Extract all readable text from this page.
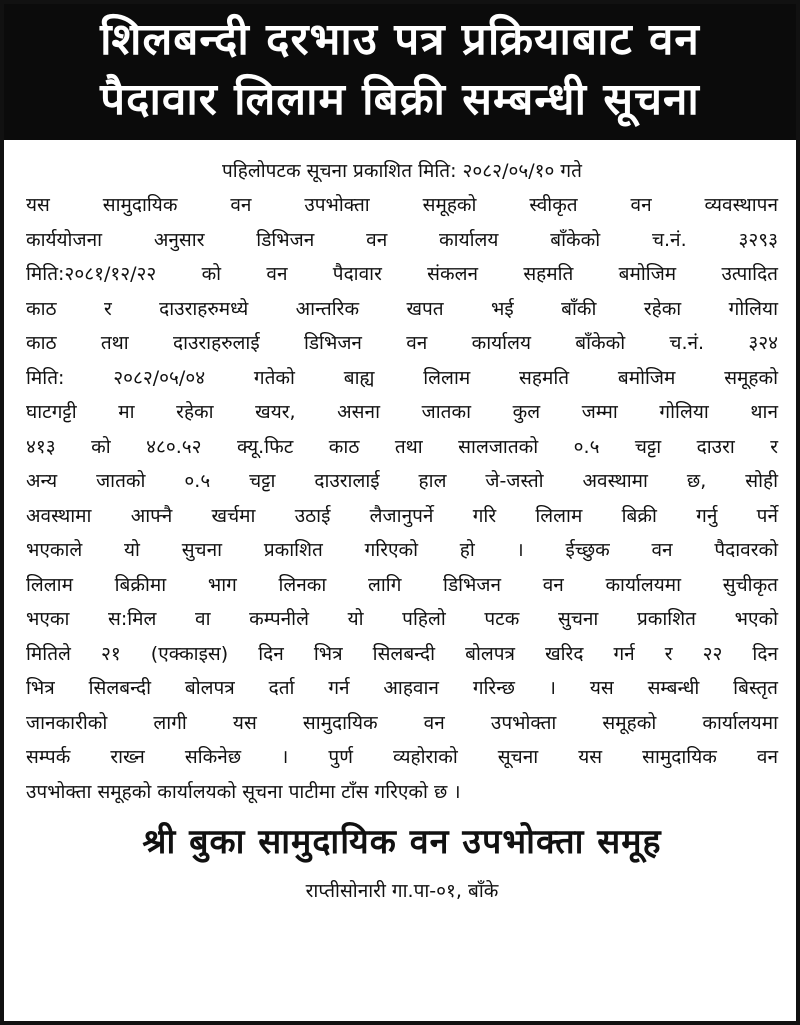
शिलबन्दी दरभाउ पत्र प्रक्रियाबाट वन
पैदावार लिलाम बिक्री सम्बन्धी सूचना
पहिलोपटक सूचना प्रकाशित मिति: २०८२/०५/१० गते
यस सामुदायिक वन उपभोक्ता समूहको स्वीकृत वन व्यवस्थापन
कार्ययोजना अनुसार डिभिजन वन कार्यालय बाँकेको च.नं. ३२९३
मिति:२०८१/१२/२२ को वन पैदावार संकलन सहमति बमोजिम उत्पादित
काठ र दाउराहरुमध्ये आन्तरिक खपत भई बाँकी रहेका गोलिया
काठ तथा दाउराहरुलाई डिभिजन वन कार्यालय बाँकेको च.नं. ३२४
मिति: २०८२/०५/०४ गतेको बाह्य लिलाम सहमति बमोजिम समूहको
घाटगट्टी मा रहेका खयर, असना जातका कुल जम्मा गोलिया थान
४१३ को ४८०.५२ क्यू.फिट काठ तथा सालजातको ०.५ चट्टा दाउरा र
अन्य जातको ०.५ चट्टा दाउरालाई हाल जे-जस्तो अवस्थामा छ, सोही
अवस्थामा आफ्नै खर्चमा उठाई लैजानुपर्ने गरि लिलाम बिक्री गर्नु पर्ने
भएकाले यो सुचना प्रकाशित गरिएको हो । ईच्छुक वन पैदावरको
लिलाम बिक्रीमा भाग लिनका लागि डिभिजन वन कार्यालयमा सुचीकृत
भएका स:मिल वा कम्पनीले यो पहिलो पटक सुचना प्रकाशित भएको
मितिले २१ (एक्काइस) दिन भित्र सिलबन्दी बोलपत्र खरिद गर्न र २२ दिन
भित्र सिलबन्दी बोलपत्र दर्ता गर्न आहवान गरिन्छ । यस सम्बन्धी बिस्तृत
जानकारीको लागी यस सामुदायिक वन उपभोक्ता समूहको कार्यालयमा
सम्पर्क राख्न सकिनेछ । पुर्ण व्यहोराको सूचना यस सामुदायिक वन
उपभोक्ता समूहको कार्यालयको सूचना पाटीमा टाँस गरिएको छ ।
श्री बुका सामुदायिक वन उपभोक्ता समूह
राप्तीसोनारी गा.पा-०१, बाँके
